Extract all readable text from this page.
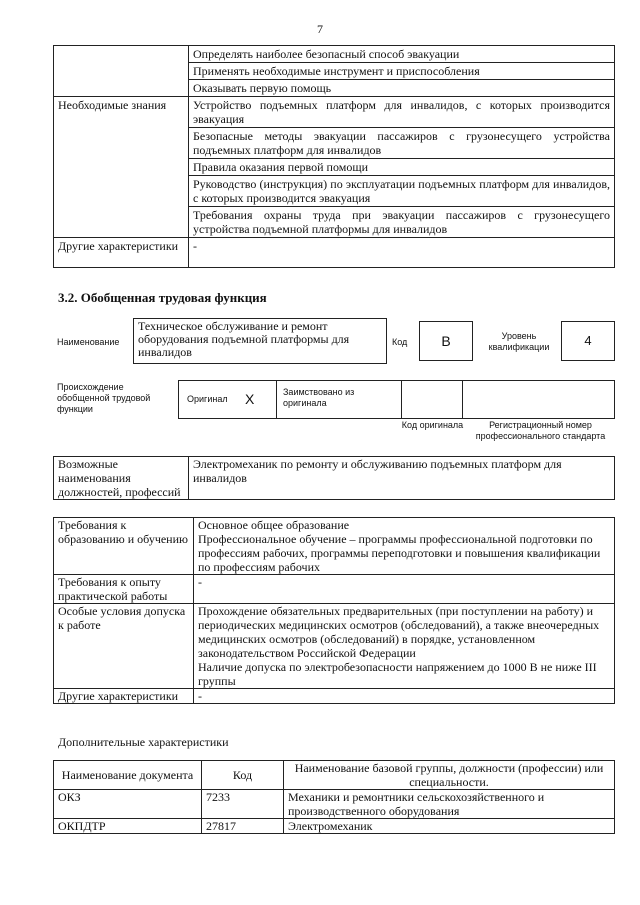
7
	Определять наиболее безопасный способ эвакуации
	Применять необходимые инструмент и приспособления
	Оказывать первую помощь
Необходимые знания	Устройство подъемных платформ для инвалидов, с которых производится эвакуация
	Безопасные методы эвакуации пассажиров с грузонесущего устройства подъемных платформ для инвалидов
	Правила оказания первой помощи
	Руководство (инструкция) по эксплуатации подъемных платформ для инвалидов, с которых производится эвакуация
	Требования охраны труда при эвакуации пассажиров с грузонесущего устройства подъемной платформы для инвалидов
Другие характеристики	-
3.2. Обобщенная трудовая функция
Наименование
Техническое обслуживание и ремонт оборудования подъемной платформы для инвалидов
Код	B	Уровень квалификации	4
Происхождение обобщенной трудовой функции
Оригинал X	Заимствовано из оригинала
Код оригинала	Регистрационный номер профессионального стандарта
Возможные наименования должностей, профессий	Электромеханик по ремонту и обслуживанию подъемных платформ для инвалидов
Требования к образованию и обучению	Основное общее образование
Профессиональное обучение – программы профессиональной подготовки по профессиям рабочих, программы переподготовки и повышения квалификации по профессиям рабочих

Требования к опыту практической работы	-
Особые условия допуска к работе	Прохождение обязательных предварительных (при поступлении на работу) и периодических медицинских осмотров (обследований), а также внеочередных медицинских осмотров (обследований) в порядке, установленном законодательством Российской Федерации
Наличие допуска по электробезопасности напряжением до 1000 В не ниже III группы

Другие характеристики	-
Дополнительные характеристики
Наименование документа	Код	Наименование базовой группы, должности (профессии) или специальности.
ОКЗ	7233	Механики и ремонтники сельскохозяйственного и производственного оборудования
ОКПДТР	27817	Электромеханик
